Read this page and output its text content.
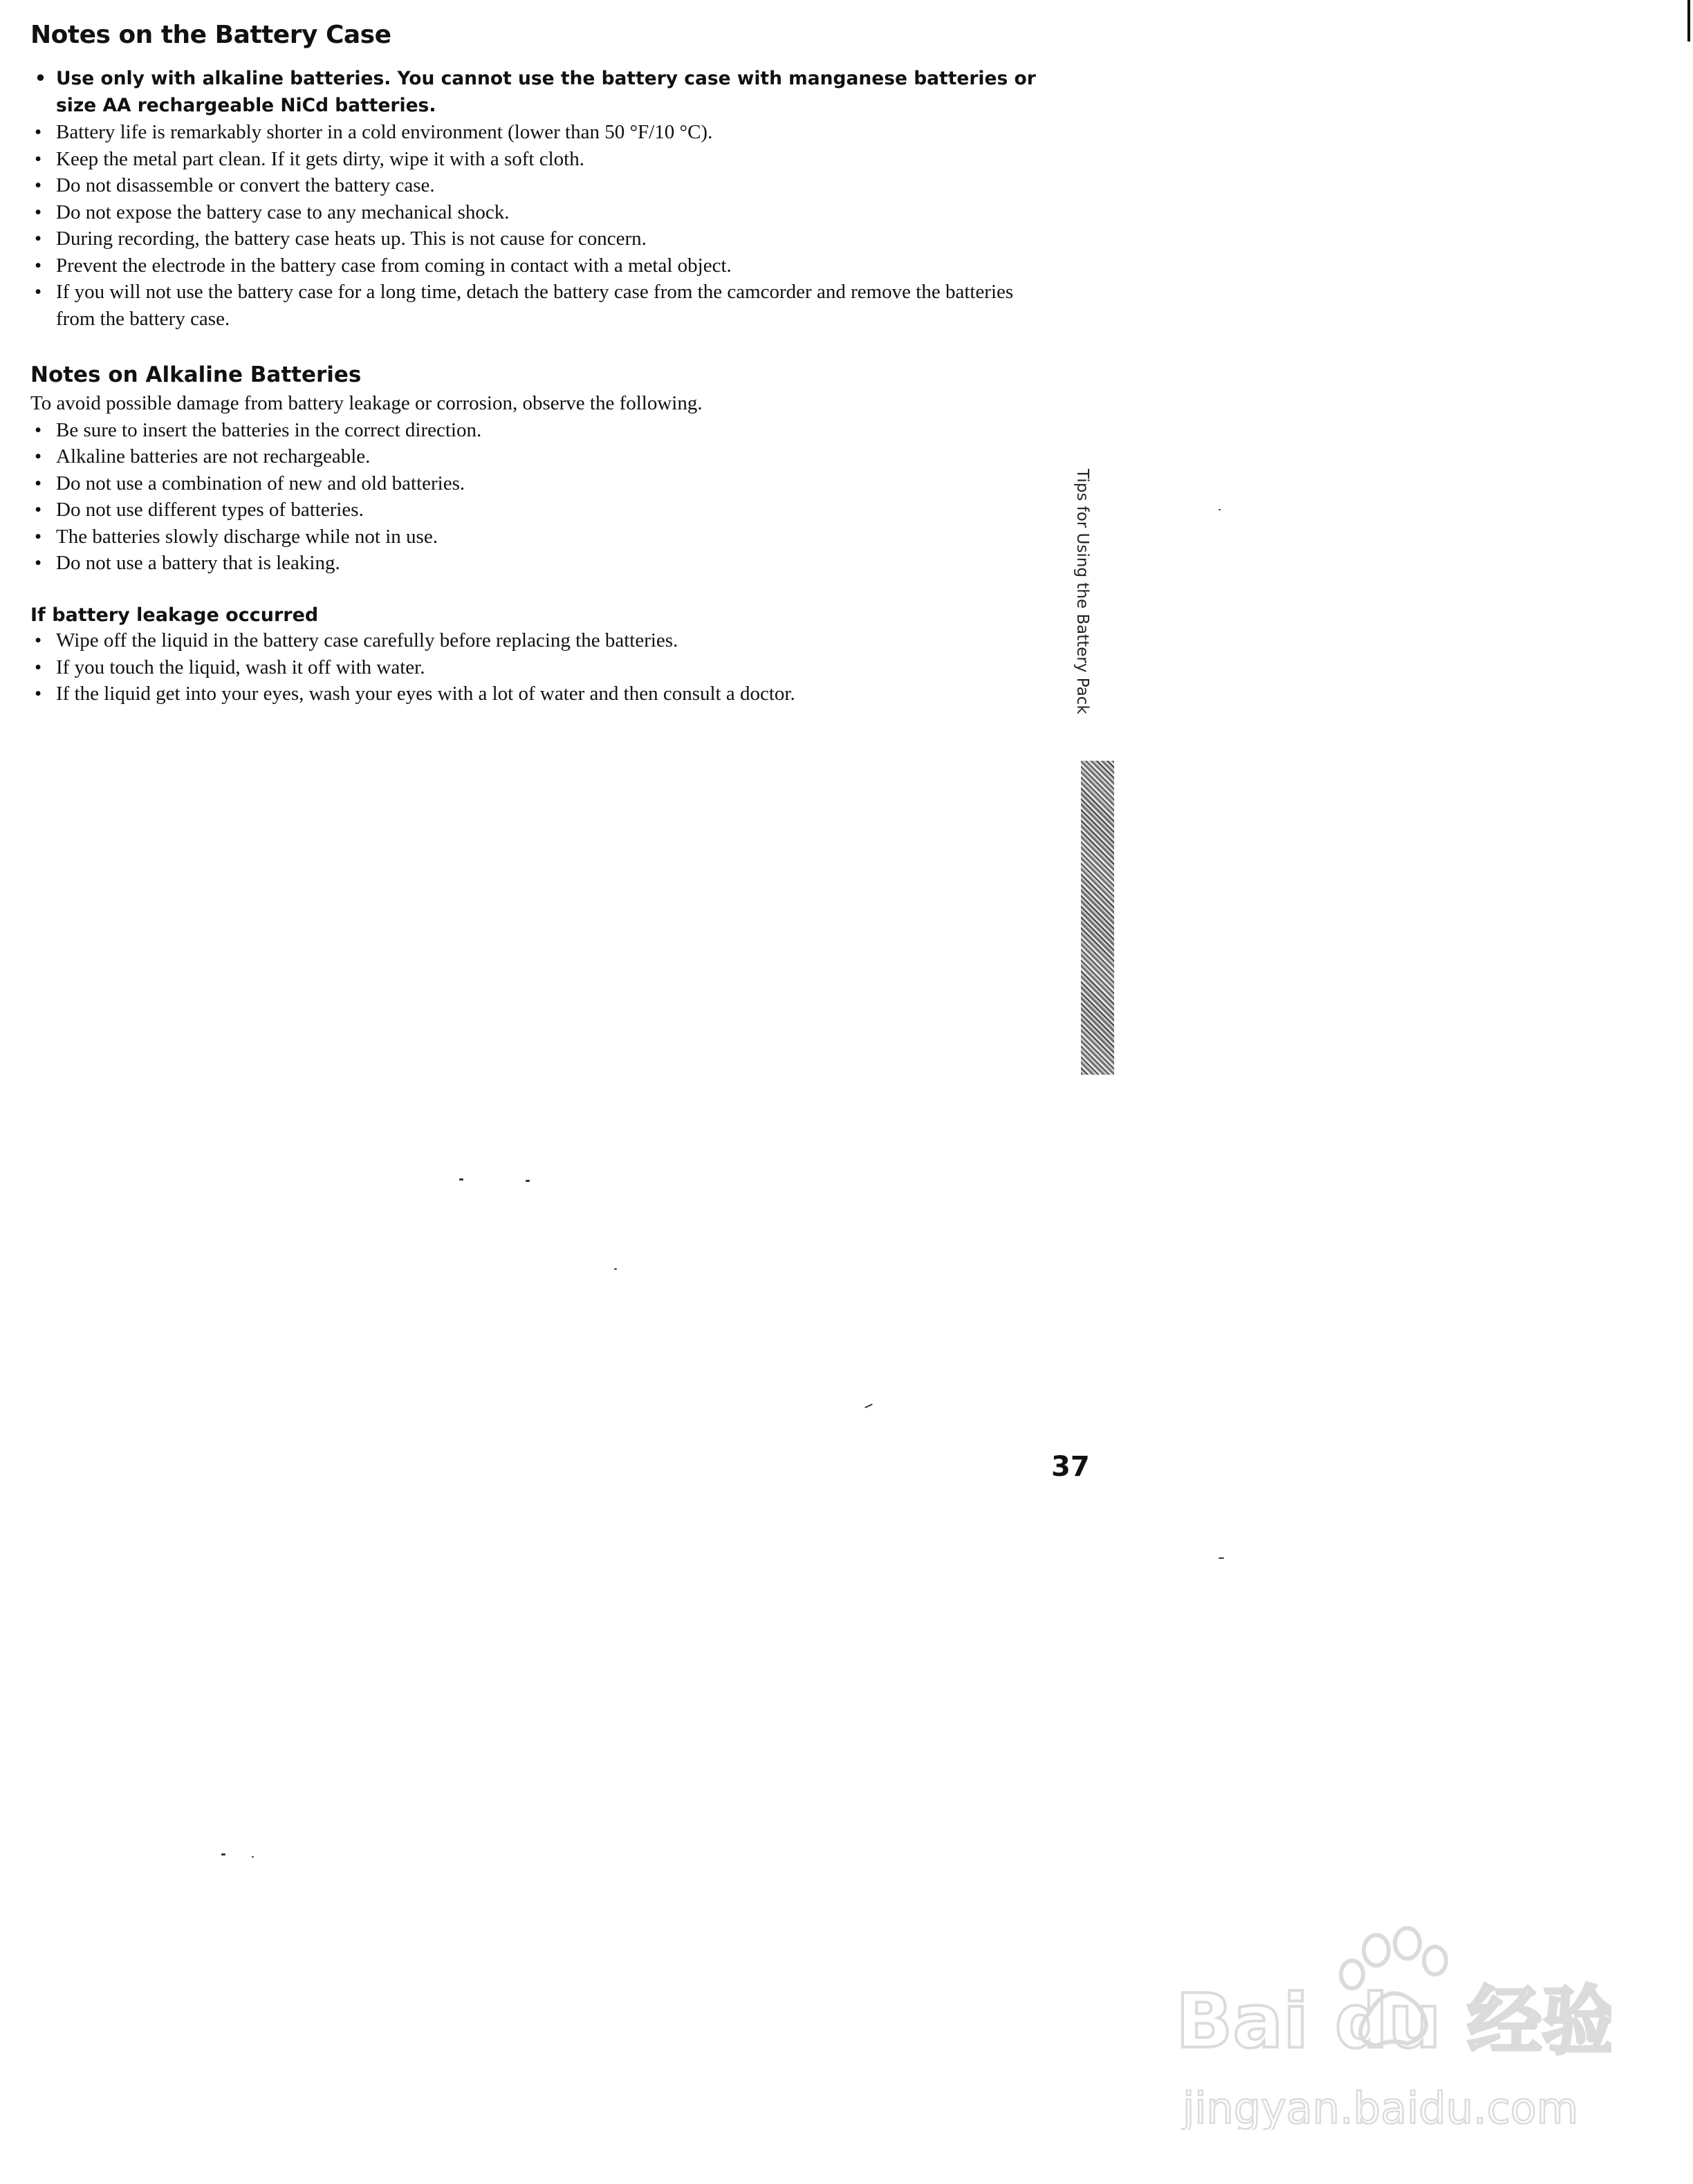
Notes on the Battery Case
• Use only with alkaline batteries. You cannot use the battery case with manganese batteries or size AA rechargeable NiCd batteries.
• Battery life is remarkably shorter in a cold environment (lower than 50 °F/10 °C).
• Keep the metal part clean. If it gets dirty, wipe it with a soft cloth.
• Do not disassemble or convert the battery case.
• Do not expose the battery case to any mechanical shock.
• During recording, the battery case heats up. This is not cause for concern.
• Prevent the electrode in the battery case from coming in contact with a metal object.
• If you will not use the battery case for a long time, detach the battery case from the camcorder and remove the batteries from the battery case.
Notes on Alkaline Batteries

To avoid possible damage from battery leakage or corrosion, observe the following.

• Be sure to insert the batteries in the correct direction.
• Alkaline batteries are not rechargeable.
• Do not use a combination of new and old batteries.
• Do not use different types of batteries.
• The batteries slowly discharge while not in use.
• Do not use a battery that is leaking.
If battery leakage occurred
• Wipe off the liquid in the battery case carefully before replacing the batteries.
• If you touch the liquid, wash it off with water.
• If the liquid get into your eyes, wash your eyes with a lot of water and then consult a doctor.	Tips for Using the Battery Pack
37
Bai du 经验
jingyan.baidu.com
